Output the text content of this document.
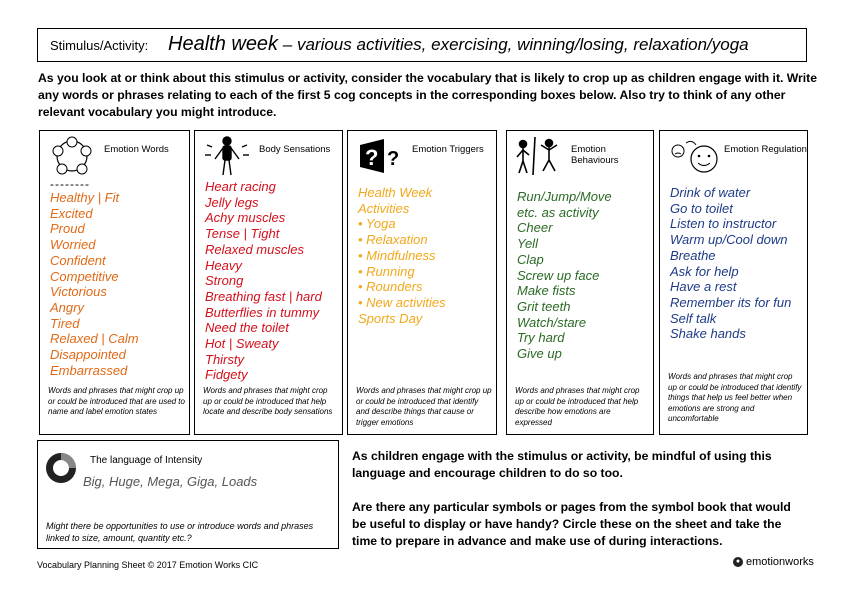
Stimulus/Activity: Health week – various activities, exercising, winning/losing, relaxation/yoga
As you look at or think about this stimulus or activity, consider the vocabulary that is likely to crop up as children engage with it. Write any words or phrases relating to each of the first 5 cog concepts in the corresponding boxes below. Also try to think of any other relevant vocabulary you might introduce.
Emotion Words
--------
Healthy | Fit
Excited
Proud
Worried
Confident
Competitive
Victorious
Angry
Tired
Relaxed | Calm
Disappointed
Embarrassed
Words and phrases that might crop up or could be introduced that are used to name and label emotion states
Body Sensations
Heart racing
Jelly legs
Achy muscles
Tense | Tight
Relaxed muscles
Heavy
Strong
Breathing fast | hard
Butterflies in tummy
Need the toilet
Hot | Sweaty
Thirsty
Fidgety
Words and phrases that might crop up or could be introduced that help locate and describe body sensations
? ? Emotion Triggers
Health Week
Activities
• Yoga
• Relaxation
• Mindfulness
• Running
• Rounders
• New activities
Sports Day
Words and phrases that might crop up or could be introduced that identify and describe things that cause or trigger emotions
Emotion Behaviours
Run/Jump/Move
etc. as activity
Cheer
Yell
Clap
Screw up face
Make fists
Grit teeth
Watch/stare
Try hard
Give up
Words and phrases that might crop up or could be introduced that help describe how emotions are expressed
Emotion Regulation
Drink of water
Go to toilet
Listen to instructor
Warm up/Cool down
Breathe
Ask for help
Have a rest
Remember its for fun
Self talk
Shake hands
Words and phrases that might crop up or could be introduced that identify things that help us feel better when emotions are strong and uncomfortable
The language of Intensity
Big, Huge, Mega, Giga, Loads
Might there be opportunities to use or introduce words and phrases linked to size, amount, quantity etc.?
As children engage with the stimulus or activity, be mindful of using this language and encourage children to do so too.
Are there any particular symbols or pages from the symbol book that would be useful to display or have handy? Circle these on the sheet and take the time to prepare in advance and make use of during interactions.
Vocabulary Planning Sheet © 2017 Emotion Works CIC	● emotionworks
